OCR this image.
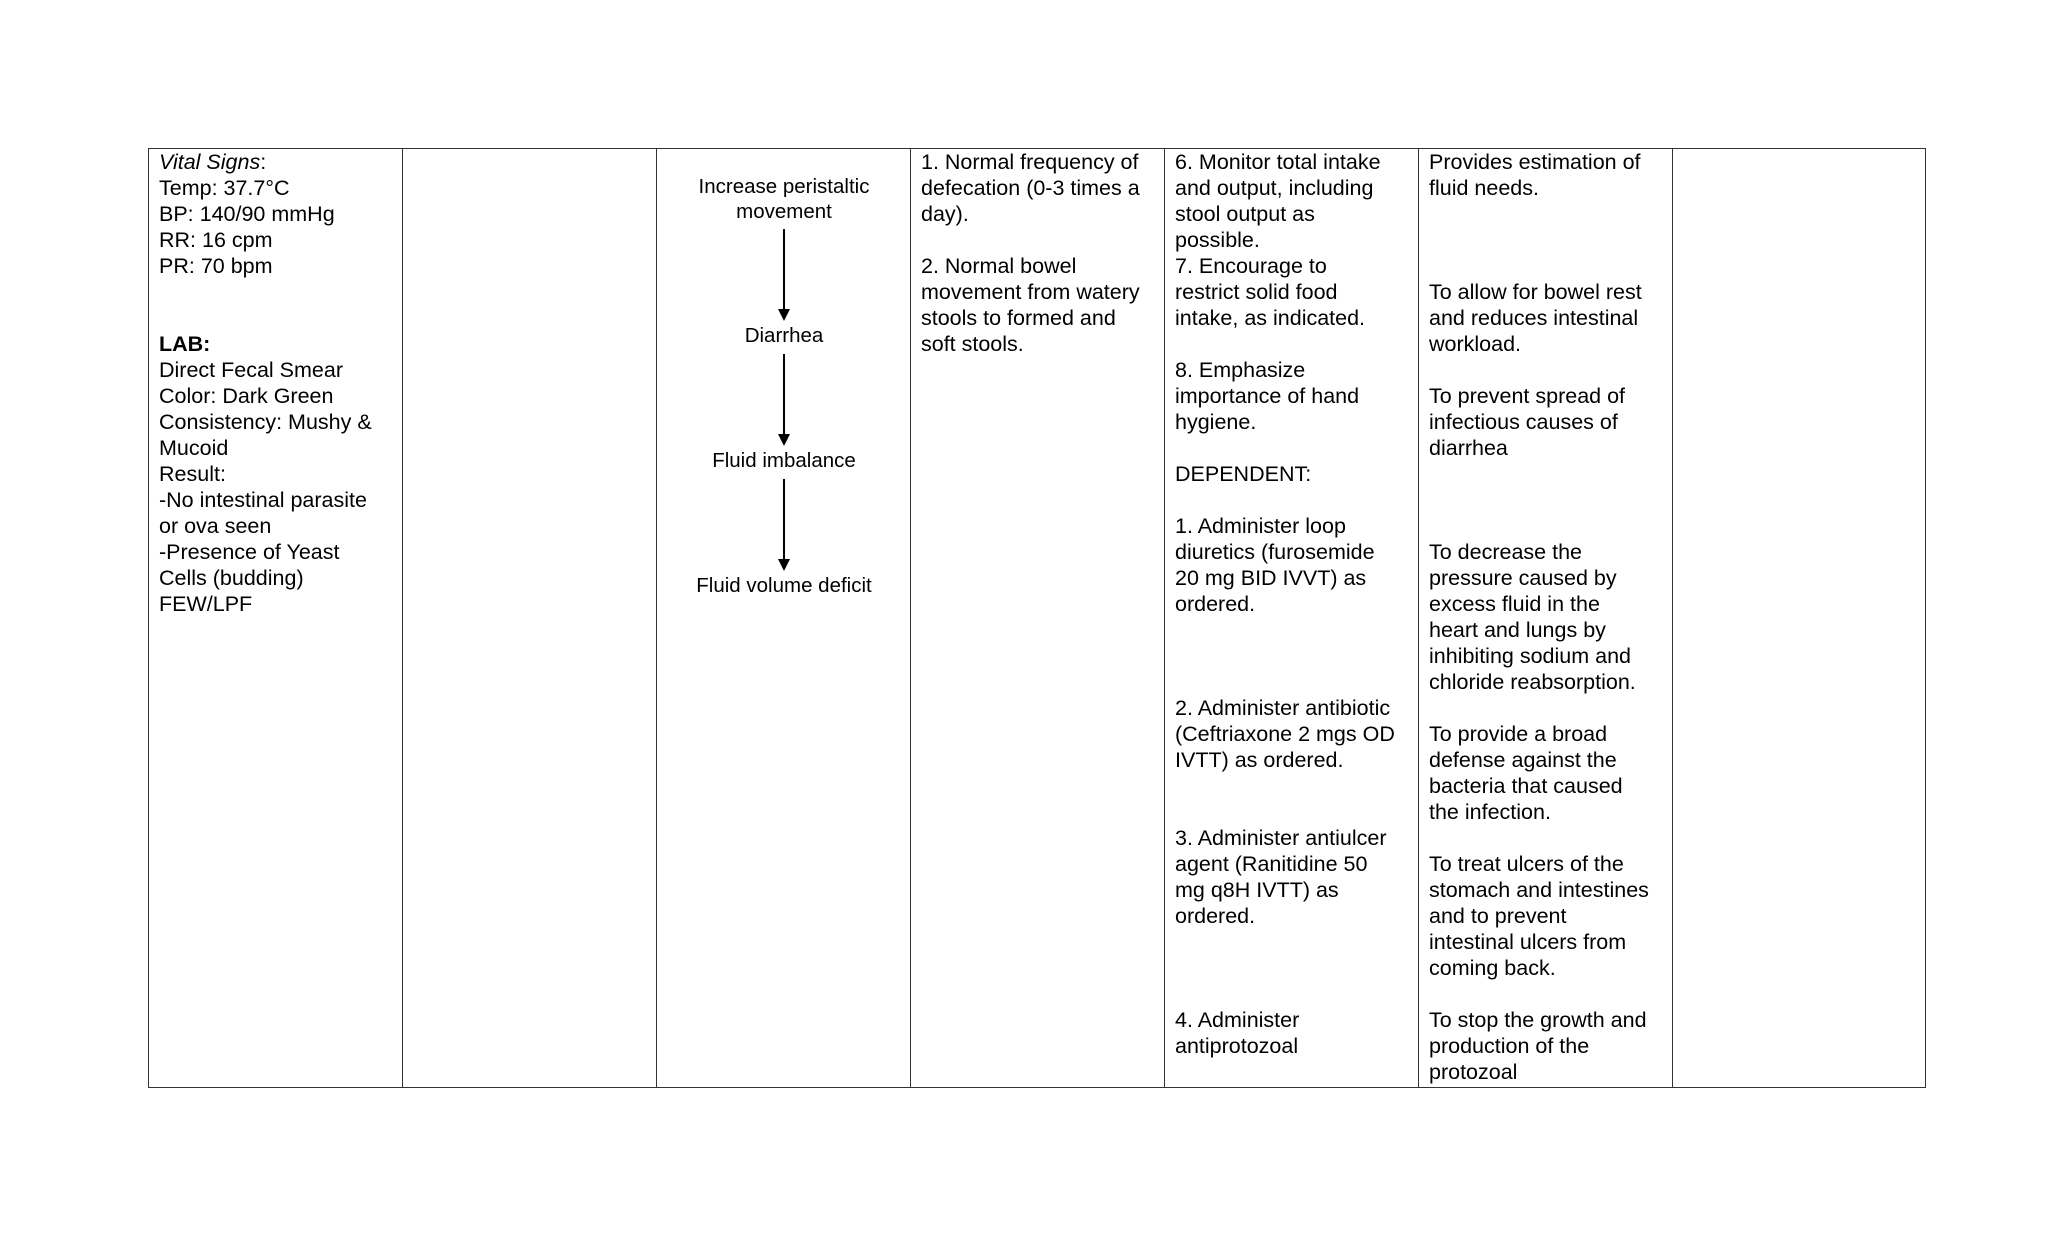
Vital Signs:
Temp: 37.7°C
BP: 140/90 mmHg
RR: 16 cpm
PR: 70 bpm
LAB:
Direct Fecal Smear
Color: Dark Green
Consistency: Mushy &
Mucoid
Result:
-No intestinal parasite
or ova seen
-Presence of Yeast
Cells (budding)
FEW/LPF
Increase peristaltic
movement
Diarrhea
Fluid imbalance
Fluid volume deficit
1. Normal frequency of
defecation (0-3 times a
day).
2. Normal bowel
movement from watery
stools to formed and
soft stools.
6. Monitor total intake
and output, including
stool output as
possible.
7. Encourage to
restrict solid food
intake, as indicated.
8. Emphasize
importance of hand
hygiene.
DEPENDENT:
1. Administer loop
diuretics (furosemide
20 mg BID IVVT) as
ordered.
2. Administer antibiotic
(Ceftriaxone 2 mgs OD
IVTT) as ordered.
3. Administer antiulcer
agent (Ranitidine 50
mg q8H IVTT) as
ordered.
4. Administer
antiprotozoal
Provides estimation of
fluid needs.
To allow for bowel rest
and reduces intestinal
workload.
To prevent spread of
infectious causes of
diarrhea
To decrease the
pressure caused by
excess fluid in the
heart and lungs by
inhibiting sodium and
chloride reabsorption.
To provide a broad
defense against the
bacteria that caused
the infection.
To treat ulcers of the
stomach and intestines
and to prevent
intestinal ulcers from
coming back.
To stop the growth and
production of the
protozoal
